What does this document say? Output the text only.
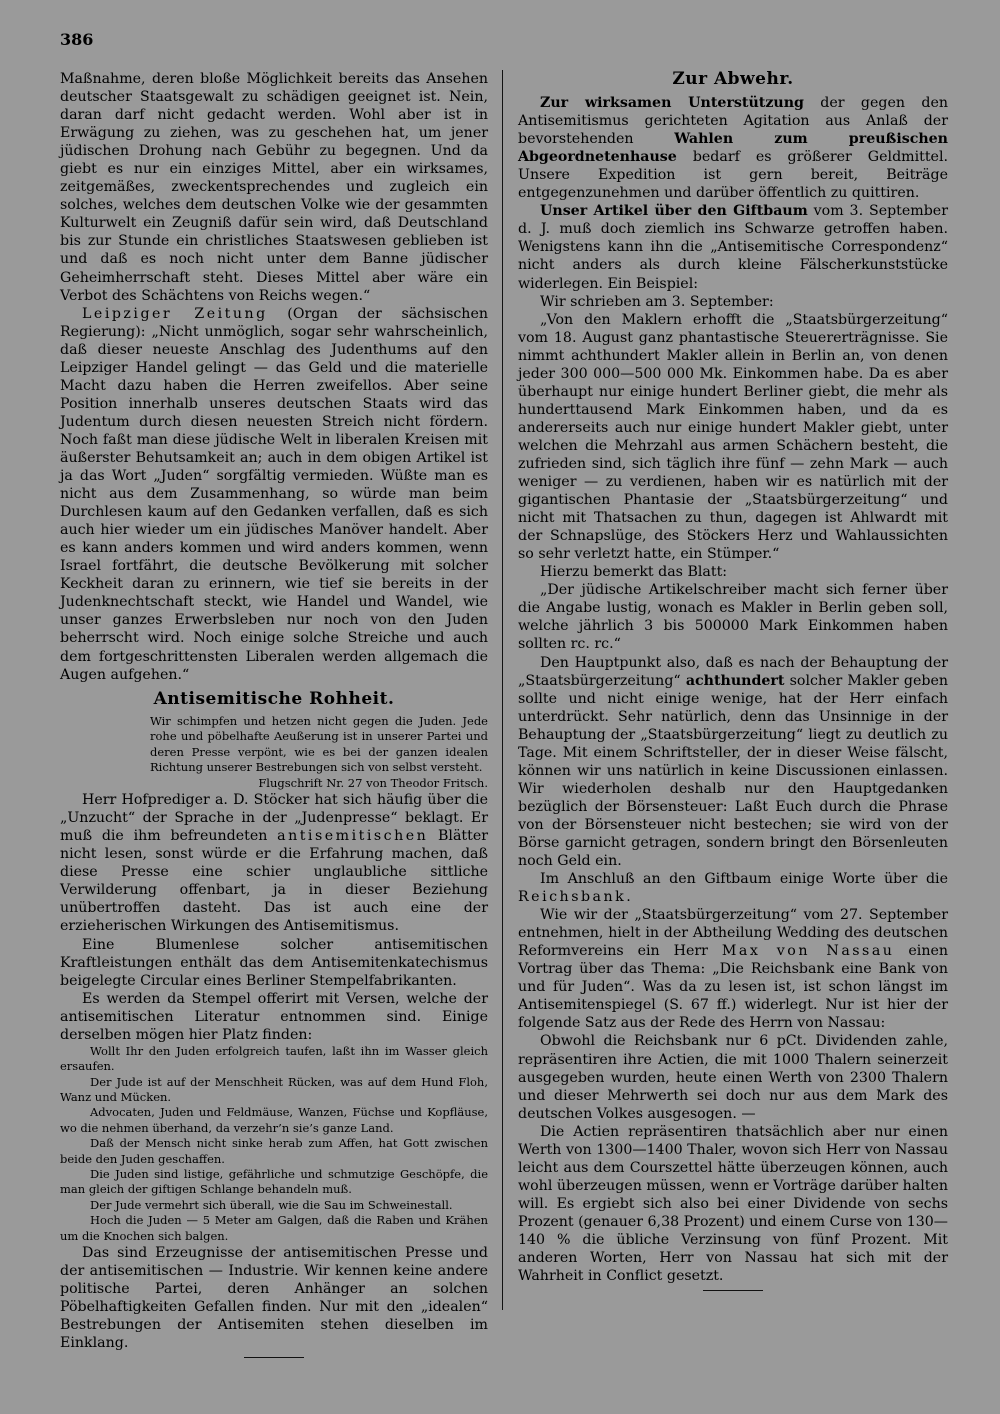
386

Maßnahme, deren bloße Möglichkeit bereits das Ansehen deutscher Staatsgewalt zu schädigen geeignet ist. Nein, daran darf nicht gedacht werden. Wohl aber ist in Erwägung zu ziehen, was zu geschehen hat, um jener jüdischen Drohung nach Gebühr zu begegnen. Und da giebt es nur ein einziges Mittel, aber ein wirksames, zeitgemäßes, zweckentsprechendes und zugleich ein solches, welches dem deutschen Volke wie der gesammten Kulturwelt ein Zeugniß dafür sein wird, daß Deutschland bis zur Stunde ein christliches Staatswesen geblieben ist und daß es noch nicht unter dem Banne jüdischer Geheimherrschaft steht. Dieses Mittel aber wäre ein Verbot des Schächtens von Reichs wegen.“

Leipziger Zeitung (Organ der sächsischen Regierung): „Nicht unmöglich, sogar sehr wahrscheinlich, daß dieser neueste Anschlag des Judenthums auf den Leipziger Handel gelingt — das Geld und die materielle Macht dazu haben die Herren zweifellos. Aber seine Position innerhalb unseres deutschen Staats wird das Judentum durch diesen neuesten Streich nicht fördern. Noch faßt man diese jüdische Welt in liberalen Kreisen mit äußerster Behutsamkeit an; auch in dem obigen Artikel ist ja das Wort „Juden“ sorgfältig vermieden. Wüßte man es nicht aus dem Zusammenhang, so würde man beim Durchlesen kaum auf den Gedanken verfallen, daß es sich auch hier wieder um ein jüdisches Manöver handelt. Aber es kann anders kommen und wird anders kommen, wenn Israel fortfährt, die deutsche Bevölkerung mit solcher Keckheit daran zu erinnern, wie tief sie bereits in der Judenknechtschaft steckt, wie Handel und Wandel, wie unser ganzes Erwerbsleben nur noch von den Juden beherrscht wird. Noch einige solche Streiche und auch dem fortgeschrittensten Liberalen werden allgemach die Augen aufgehen.“

Antisemitische Rohheit.
Wir schimpfen und hetzen nicht gegen die Juden. Jede rohe und pöbelhafte Aeußerung ist in unserer Partei und deren Presse verpönt, wie es bei der ganzen idealen Richtung unserer Bestrebungen sich von selbst versteht.
Flugschrift Nr. 27 von Theodor Fritsch.

Herr Hofprediger a. D. Stöcker hat sich häufig über die „Unzucht“ der Sprache in der „Judenpresse“ beklagt. Er muß die ihm befreundeten antisemitischen Blätter nicht lesen, sonst würde er die Erfahrung machen, daß diese Presse eine schier unglaubliche sittliche Verwilderung offenbart, ja in dieser Beziehung unübertroffen dasteht. Das ist auch eine der erzieherischen Wirkungen des Antisemitismus.

Eine Blumenlese solcher antisemitischen Kraftleistungen enthält das dem Antisemitenkatechismus beigelegte Circular eines Berliner Stempelfabrikanten.

Es werden da Stempel offerirt mit Versen, welche der antisemitischen Literatur entnommen sind. Einige derselben mögen hier Platz finden:

Wollt Ihr den Juden erfolgreich taufen, laßt ihn im Wasser gleich ersaufen.

Der Jude ist auf der Menschheit Rücken, was auf dem Hund Floh, Wanz und Mücken.

Advocaten, Juden und Feldmäuse, Wanzen, Füchse und Kopfläuse, wo die nehmen überhand, da verzehr’n sie’s ganze Land.

Daß der Mensch nicht sinke herab zum Affen, hat Gott zwischen beide den Juden geschaffen.

Die Juden sind listige, gefährliche und schmutzige Geschöpfe, die man gleich der giftigen Schlange behandeln muß.

Der Jude vermehrt sich überall, wie die Sau im Schweinestall.

Hoch die Juden — 5 Meter am Galgen, daß die Raben und Krähen um die Knochen sich balgen.

Das sind Erzeugnisse der antisemitischen Presse und der antisemitischen — Industrie. Wir kennen keine andere politische Partei, deren Anhänger an solchen Pöbelhaftigkeiten Gefallen finden. Nur mit den „idealen“ Bestrebungen der Antisemiten stehen dieselben im Einklang.

Zur Abwehr.

Zur wirksamen Unterstützung der gegen den Antisemitismus gerichteten Agitation aus Anlaß der bevorstehenden Wahlen zum preußischen Abgeordnetenhause bedarf es größerer Geldmittel. Unsere Expedition ist gern bereit, Beiträge entgegenzunehmen und darüber öffentlich zu quittiren.

Unser Artikel über den Giftbaum vom 3. September d. J. muß doch ziemlich ins Schwarze getroffen haben. Wenigstens kann ihn die „Antisemitische Correspondenz“ nicht anders als durch kleine Fälscherkunststücke widerlegen. Ein Beispiel:

Wir schrieben am 3. September:

„Von den Maklern erhofft die „Staatsbürgerzeitung“ vom 18. August ganz phantastische Steuererträgnisse. Sie nimmt achthundert Makler allein in Berlin an, von denen jeder 300 000—500 000 Mk. Einkommen habe. Da es aber überhaupt nur einige hundert Berliner giebt, die mehr als hunderttausend Mark Einkommen haben, und da es andererseits auch nur einige hundert Makler giebt, unter welchen die Mehrzahl aus armen Schächern besteht, die zufrieden sind, sich täglich ihre fünf — zehn Mark — auch weniger — zu verdienen, haben wir es natürlich mit der gigantischen Phantasie der „Staatsbürgerzeitung“ und nicht mit Thatsachen zu thun, dagegen ist Ahlwardt mit der Schnapslüge, des Stöckers Herz und Wahlaussichten so sehr verletzt hatte, ein Stümper.“

Hierzu bemerkt das Blatt:

„Der jüdische Artikelschreiber macht sich ferner über die Angabe lustig, wonach es Makler in Berlin geben soll, welche jährlich 3 bis 500000 Mark Einkommen haben sollten rc. rc.“

Den Hauptpunkt also, daß es nach der Behauptung der „Staatsbürgerzeitung“ achthundert solcher Makler geben sollte und nicht einige wenige, hat der Herr einfach unterdrückt. Sehr natürlich, denn das Unsinnige in der Behauptung der „Staatsbürgerzeitung“ liegt zu deutlich zu Tage. Mit einem Schriftsteller, der in dieser Weise fälscht, können wir uns natürlich in keine Discussionen einlassen. Wir wiederholen deshalb nur den Hauptgedanken bezüglich der Börsensteuer: Laßt Euch durch die Phrase von der Börsensteuer nicht bestechen; sie wird von der Börse garnicht getragen, sondern bringt den Börsenleuten noch Geld ein.

Im Anschluß an den Giftbaum einige Worte über die Reichsbank.

Wie wir der „Staatsbürgerzeitung“ vom 27. September entnehmen, hielt in der Abtheilung Wedding des deutschen Reformvereins ein Herr Max von Nassau einen Vortrag über das Thema: „Die Reichsbank eine Bank von und für Juden“. Was da zu lesen ist, ist schon längst im Antisemitenspiegel (S. 67 ff.) widerlegt. Nur ist hier der folgende Satz aus der Rede des Herrn von Nassau:

Obwohl die Reichsbank nur 6 pCt. Dividenden zahle, repräsentiren ihre Actien, die mit 1000 Thalern seinerzeit ausgegeben wurden, heute einen Werth von 2300 Thalern und dieser Mehrwerth sei doch nur aus dem Mark des deutschen Volkes ausgesogen. —

Die Actien repräsentiren thatsächlich aber nur einen Werth von 1300—1400 Thaler, wovon sich Herr von Nassau leicht aus dem Courszettel hätte überzeugen können, auch wohl überzeugen müssen, wenn er Vorträge darüber halten will. Es ergiebt sich also bei einer Dividende von sechs Prozent (genauer 6,38 Prozent) und einem Curse von 130—140 % die übliche Verzinsung von fünf Prozent. Mit anderen Worten, Herr von Nassau hat sich mit der Wahrheit in Conflict gesetzt.
